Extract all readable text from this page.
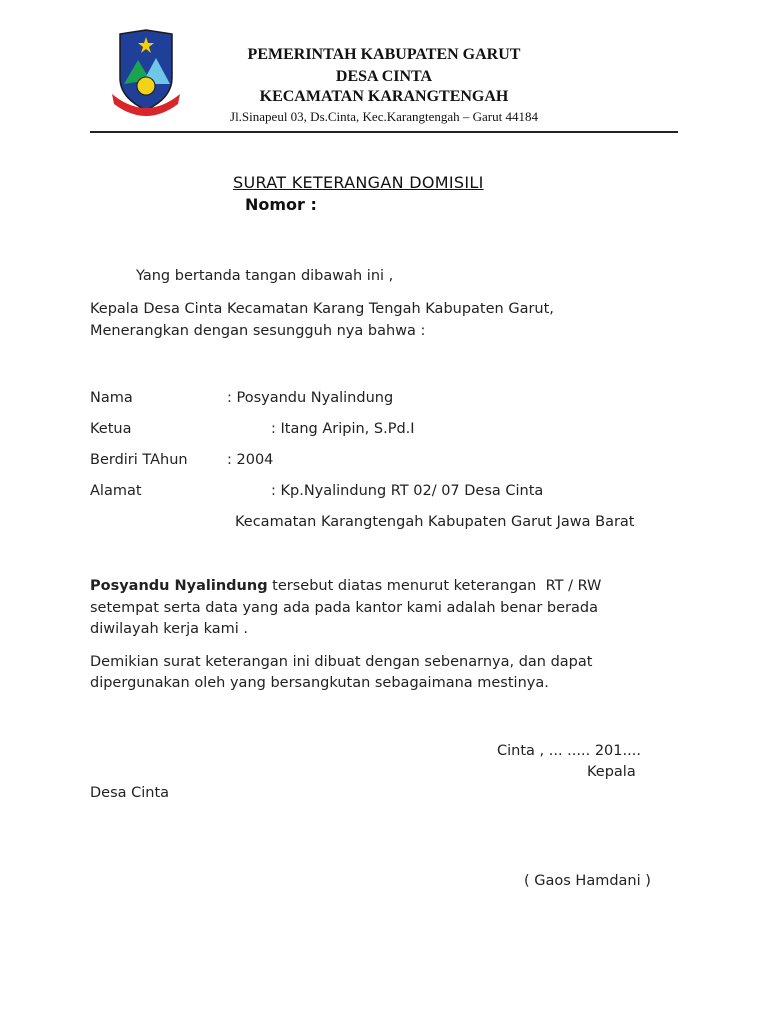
PEMERINTAH KABUPATEN GARUT
DESA CINTA
KECAMATAN KARANGTENGAH
Jl.Sinapeul 03, Ds.Cinta, Kec.Karangtengah – Garut 44184
SURAT KETERANGAN DOMISILI
Nomor :
Yang bertanda tangan dibawah ini ,
Kepala Desa Cinta Kecamatan Karang Tengah Kabupaten Garut,
Menerangkan dengan sesungguh nya bahwa :
Nama	: Posyandu Nyalindung
Ketua	: Itang Aripin, S.Pd.I
Berdiri TAhun	: 2004
Alamat	: Kp.Nyalindung RT 02/ 07 Desa Cinta
Kecamatan Karangtengah Kabupaten Garut Jawa Barat
Posyandu Nyalindung tersebut diatas menurut keterangan  RT / RW
setempat serta data yang ada pada kantor kami adalah benar berada
diwilayah kerja kami .
Demikian surat keterangan ini dibuat dengan sebenarnya, dan dapat
dipergunakan oleh yang bersangkutan sebagaimana mestinya.
Cinta , ... ..... 201....
Kepala
Desa Cinta
( Gaos Hamdani )
